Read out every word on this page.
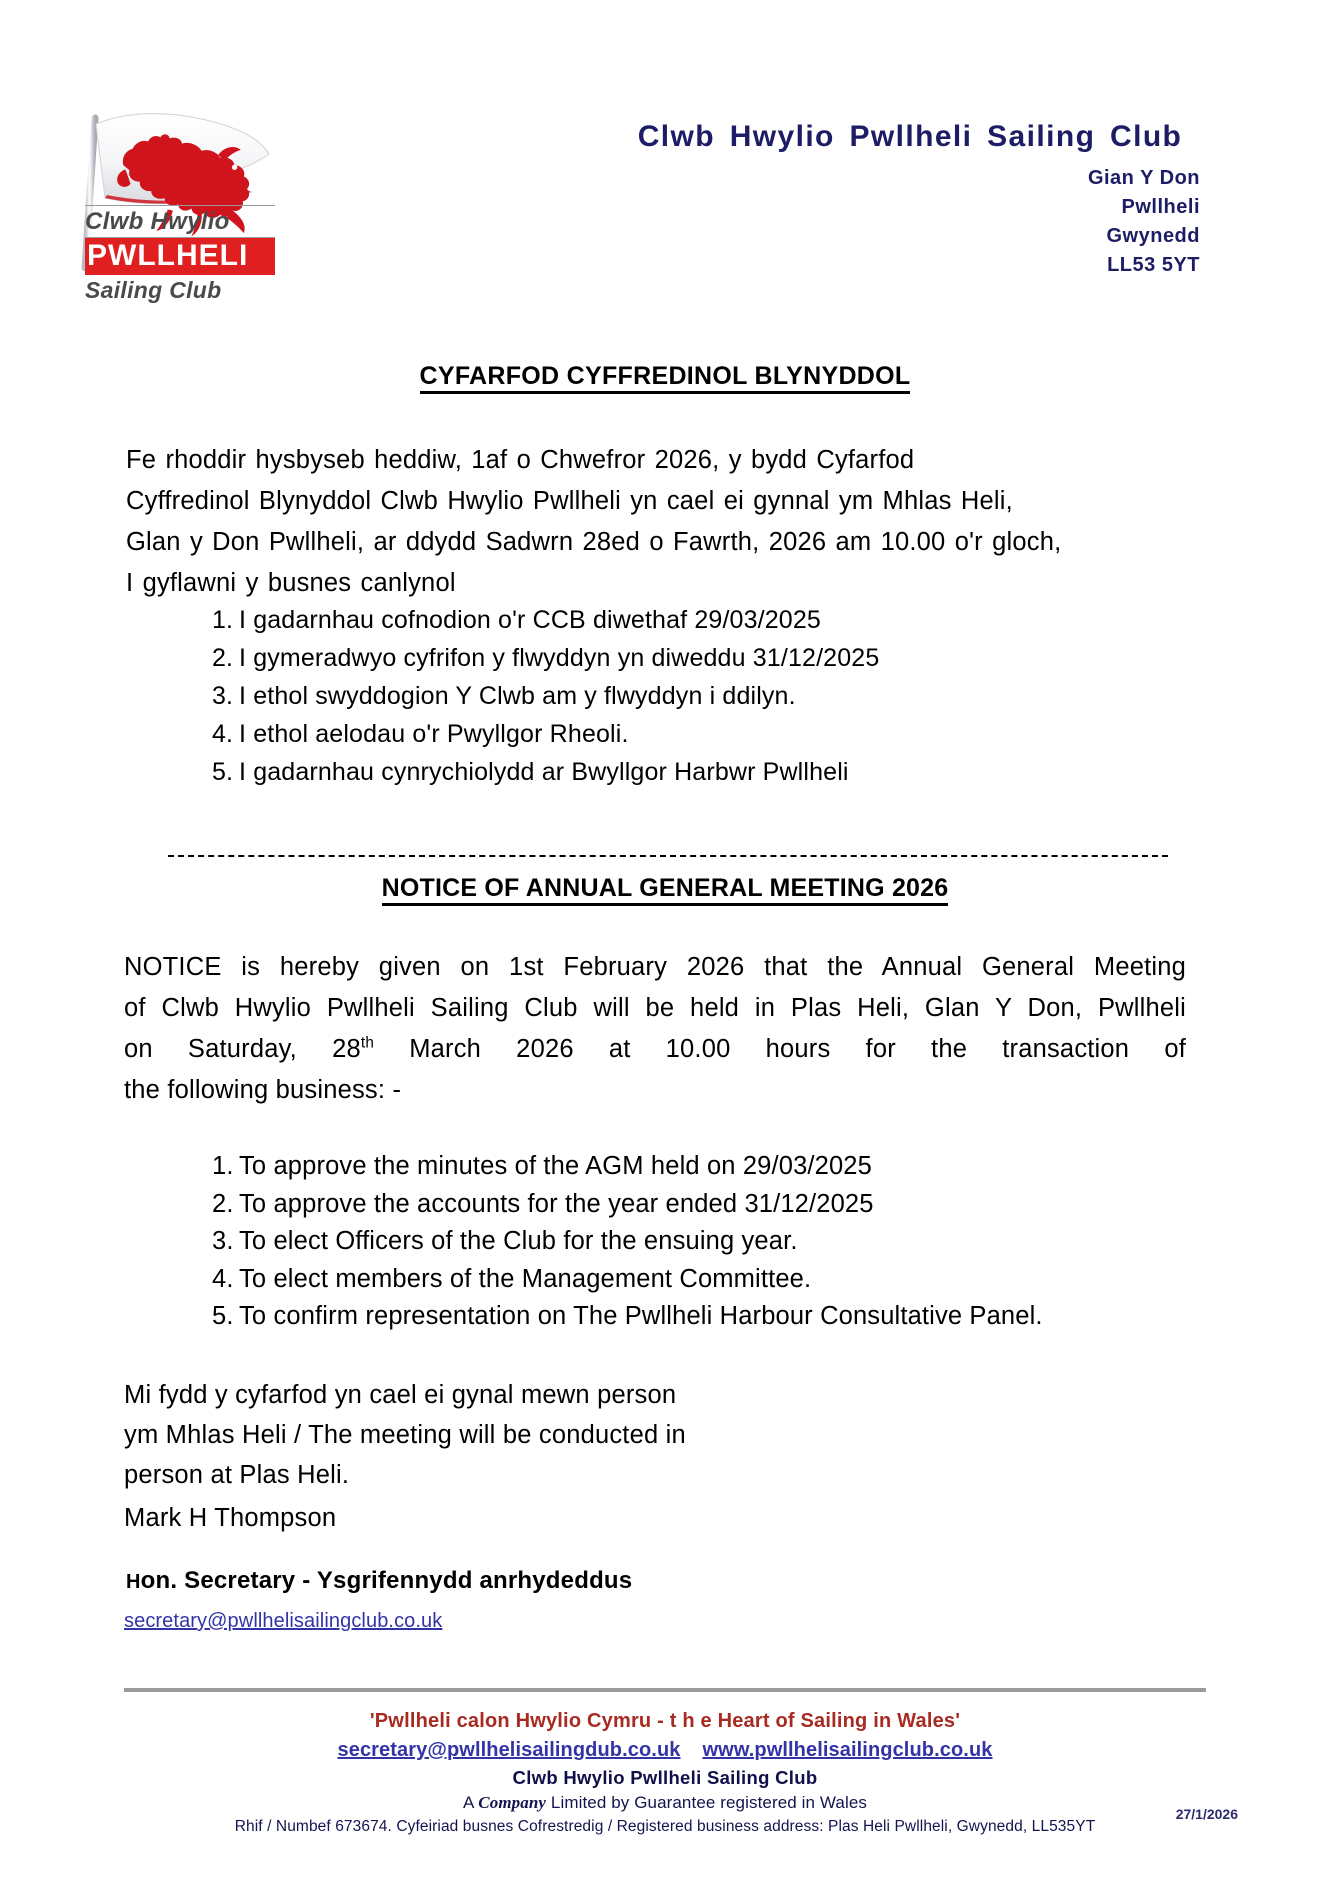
Clwb Hwylio
PWLLHELI
Sailing Club
Clwb Hwylio Pwllheli Sailing Club
Gian Y Don
Pwllheli
Gwynedd
LL53 5YT
CYFARFOD CYFFREDINOL BLYNYDDOL
Fe rhoddir hysbyseb heddiw, 1af o Chwefror 2026, y bydd Cyfarfod
Cyffredinol Blynyddol Clwb Hwylio Pwllheli yn cael ei gynnal ym Mhlas Heli,
Glan y Don Pwllheli, ar ddydd Sadwrn 28ed o Fawrth, 2026 am 10.00 o'r gloch,
I gyflawni y busnes canlynol
1. I gadarnhau cofnodion o'r CCB diwethaf 29/03/2025
2. I gymeradwyo cyfrifon y flwyddyn yn diweddu 31/12/2025
3. I ethol swyddogion Y Clwb am y flwyddyn i ddilyn.
4. I ethol aelodau o'r Pwyllgor Rheoli.
5. I gadarnhau cynrychiolydd ar Bwyllgor Harbwr Pwllheli
NOTICE OF ANNUAL GENERAL MEETING 2026
NOTICE is hereby given on 1st February 2026 that the Annual General Meeting
of Clwb Hwylio Pwllheli Sailing Club will be held in Plas Heli, Glan Y Don, Pwllheli
on Saturday, 28th March 2026 at 10.00 hours for the transaction of
the following business: -
1. To approve the minutes of the AGM held on 29/03/2025
2. To approve the accounts for the year ended 31/12/2025
3. To elect Officers of the Club for the ensuing year.
4. To elect members of the Management Committee.
5. To confirm representation on The Pwllheli Harbour Consultative Panel.
Mi fydd y cyfarfod yn cael ei gynal mewn person
ym Mhlas Heli / The meeting will be conducted in
person at Plas Heli.
Mark H Thompson
Hon. Secretary - Ysgrifennydd anrhydeddus
secretary@pwllhelisailingclub.co.uk
'Pwllheli calon Hwylio Cymru - t h e Heart of Sailing in Wales'
secretary@pwllhelisailingdub.co.uk www.pwllhelisailingclub.co.uk
Clwb Hwylio Pwllheli Sailing Club
A Company Limited by Guarantee registered in Wales
Rhif / Numbef 673674. Cyfeiriad busnes Cofrestredig / Registered business address: Plas Heli Pwllheli, Gwynedd, LL535YT
27/1/2026
